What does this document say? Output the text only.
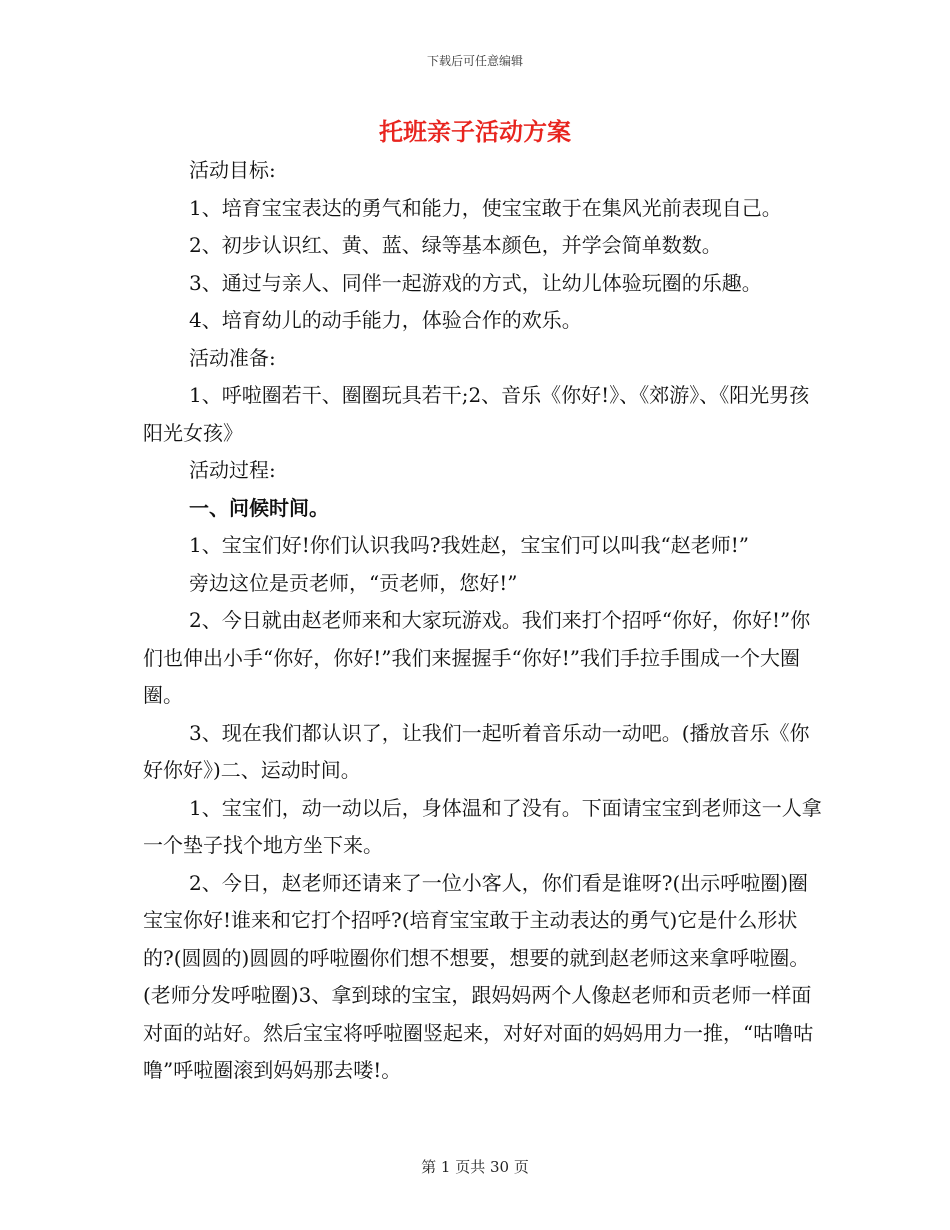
下载后可任意编辑
托班亲子活动方案

活动目标:

1、培育宝宝表达的勇气和能力，使宝宝敢于在集风光前表现自己。

2、初步认识红、黄、蓝、绿等基本颜色，并学会简单数数。

3、通过与亲人、同伴一起游戏的方式，让幼儿体验玩圈的乐趣。

4、培育幼儿的动手能力，体验合作的欢乐。

活动准备:

1、呼啦圈若干、圈圈玩具若干;2、音乐《你好!》、《郊游》、《阳光男孩阳光女孩》

活动过程:

一、问候时间。

1、宝宝们好!你们认识我吗?我姓赵，宝宝们可以叫我“赵老师!”

旁边这位是贡老师，“贡老师，您好!”

2、今日就由赵老师来和大家玩游戏。我们来打个招呼“你好，你好!”你们也伸出小手“你好，你好!”我们来握握手“你好!”我们手拉手围成一个大圈圈。

3、现在我们都认识了，让我们一起听着音乐动一动吧。(播放音乐《你好你好》)二、运动时间。

1、宝宝们，动一动以后，身体温和了没有。下面请宝宝到老师这一人拿一个垫子找个地方坐下来。

2、今日，赵老师还请来了一位小客人，你们看是谁呀?(出示呼啦圈)圈宝宝你好!谁来和它打个招呼?(培育宝宝敢于主动表达的勇气)它是什么形状的?(圆圆的)圆圆的呼啦圈你们想不想要，想要的就到赵老师这来拿呼啦圈。(老师分发呼啦圈)3、拿到球的宝宝，跟妈妈两个人像赵老师和贡老师一样面对面的站好。然后宝宝将呼啦圈竖起来，对好对面的妈妈用力一推，“咕噜咕噜”呼啦圈滚到妈妈那去喽!。

第 1 页共 30 页
